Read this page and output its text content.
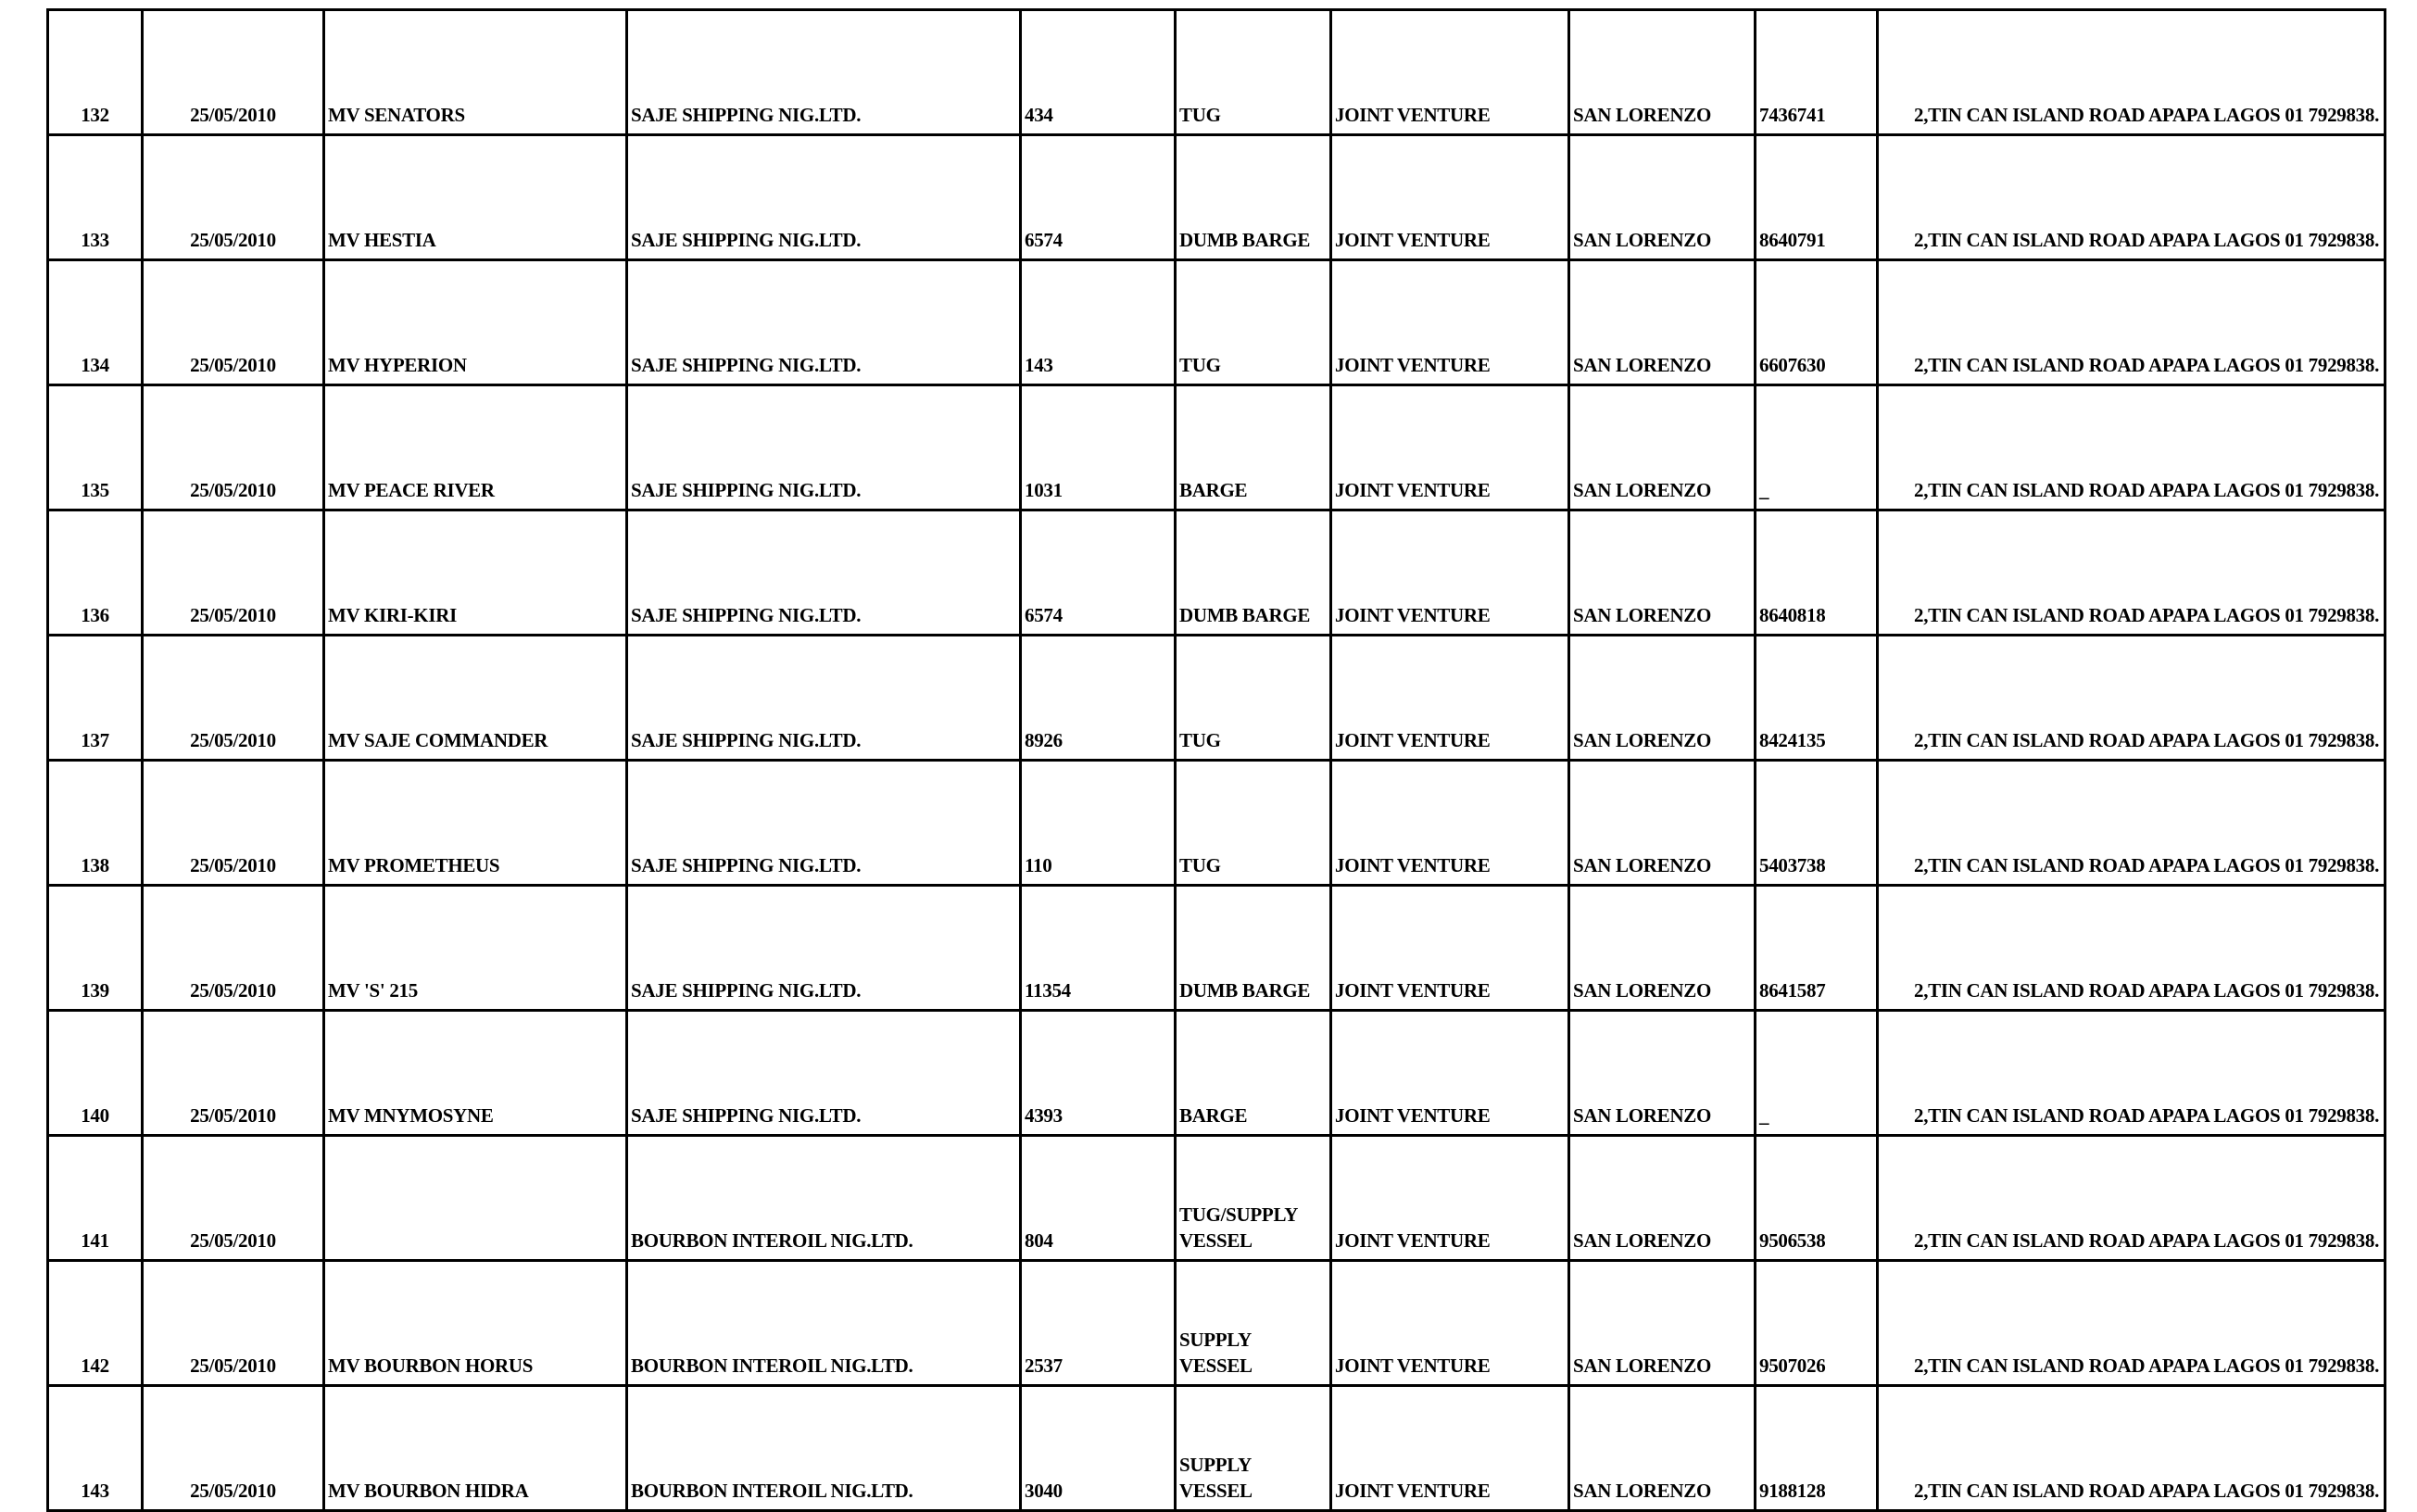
132	25/05/2010	MV SENATORS	SAJE SHIPPING NIG.LTD.	434	TUG	JOINT VENTURE	SAN LORENZO	7436741	2,TIN CAN ISLAND ROAD APAPA LAGOS 01 7929838.
133	25/05/2010	MV HESTIA	SAJE SHIPPING NIG.LTD.	6574	DUMB BARGE	JOINT VENTURE	SAN LORENZO	8640791	2,TIN CAN ISLAND ROAD APAPA LAGOS 01 7929838.
134	25/05/2010	MV HYPERION	SAJE SHIPPING NIG.LTD.	143	TUG	JOINT VENTURE	SAN LORENZO	6607630	2,TIN CAN ISLAND ROAD APAPA LAGOS 01 7929838.
135	25/05/2010	MV PEACE RIVER	SAJE SHIPPING NIG.LTD.	1031	BARGE	JOINT VENTURE	SAN LORENZO	_	2,TIN CAN ISLAND ROAD APAPA LAGOS 01 7929838.
136	25/05/2010	MV KIRI-KIRI	SAJE SHIPPING NIG.LTD.	6574	DUMB BARGE	JOINT VENTURE	SAN LORENZO	8640818	2,TIN CAN ISLAND ROAD APAPA LAGOS 01 7929838.
137	25/05/2010	MV SAJE COMMANDER	SAJE SHIPPING NIG.LTD.	8926	TUG	JOINT VENTURE	SAN LORENZO	8424135	2,TIN CAN ISLAND ROAD APAPA LAGOS 01 7929838.
138	25/05/2010	MV PROMETHEUS	SAJE SHIPPING NIG.LTD.	110	TUG	JOINT VENTURE	SAN LORENZO	5403738	2,TIN CAN ISLAND ROAD APAPA LAGOS 01 7929838.
139	25/05/2010	MV 'S' 215	SAJE SHIPPING NIG.LTD.	11354	DUMB BARGE	JOINT VENTURE	SAN LORENZO	8641587	2,TIN CAN ISLAND ROAD APAPA LAGOS 01 7929838.
140	25/05/2010	MV MNYMOSYNE	SAJE SHIPPING NIG.LTD.	4393	BARGE	JOINT VENTURE	SAN LORENZO	_	2,TIN CAN ISLAND ROAD APAPA LAGOS 01 7929838.
141	25/05/2010		BOURBON INTEROIL NIG.LTD.	804	TUG/SUPPLY VESSEL	JOINT VENTURE	SAN LORENZO	9506538	2,TIN CAN ISLAND ROAD APAPA LAGOS 01 7929838.
142	25/05/2010	MV BOURBON HORUS	BOURBON INTEROIL NIG.LTD.	2537	SUPPLY VESSEL	JOINT VENTURE	SAN LORENZO	9507026	2,TIN CAN ISLAND ROAD APAPA LAGOS 01 7929838.
143	25/05/2010	MV BOURBON HIDRA	BOURBON INTEROIL NIG.LTD.	3040	SUPPLY VESSEL	JOINT VENTURE	SAN LORENZO	9188128	2,TIN CAN ISLAND ROAD APAPA LAGOS 01 7929838.
